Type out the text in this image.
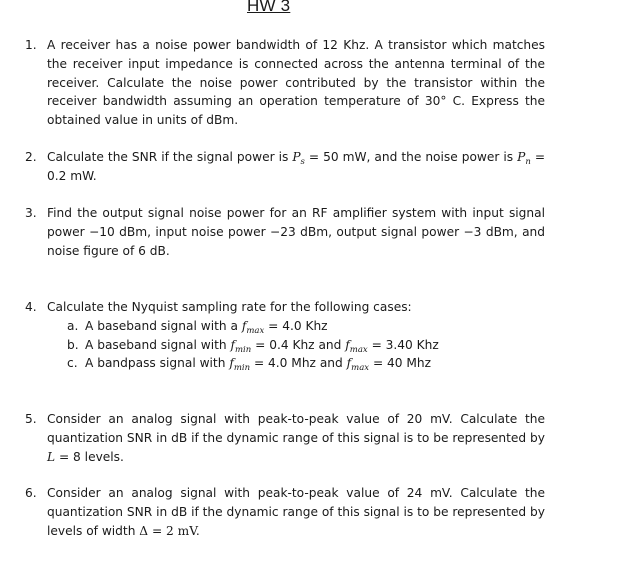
HW 3
1. A receiver has a noise power bandwidth of 12 Khz. A transistor which matches the receiver input impedance is connected across the antenna terminal of the receiver. Calculate the noise power contributed by the transistor within the receiver bandwidth assuming an operation temperature of 30° C. Express the obtained value in units of dBm.
2. Calculate the SNR if the signal power is $P_s = 50$ mW, and the noise power is $P_n = 0.2$ mW.
3. Find the output signal noise power for an RF amplifier system with input signal power −10 dBm, input noise power −23 dBm, output signal power −3 dBm, and noise figure of 6 dB.
4. Calculate the Nyquist sampling rate for the following cases:
a. A baseband signal with a $f_{max} = 4.0$ Khz
b. A baseband signal with $f_{min} = 0.4$ Khz and $f_{max} = 3.40$ Khz
c. A bandpass signal with $f_{min} = 4.0$ Mhz and $f_{max} = 40$ Mhz
5. Consider an analog signal with peak-to-peak value of 20 mV. Calculate the quantization SNR in dB if the dynamic range of this signal is to be represented by L = 8 levels.
6. Consider an analog signal with peak-to-peak value of 24 mV. Calculate the quantization SNR in dB if the dynamic range of this signal is to be represented by levels of width Δ = 2 mV.
